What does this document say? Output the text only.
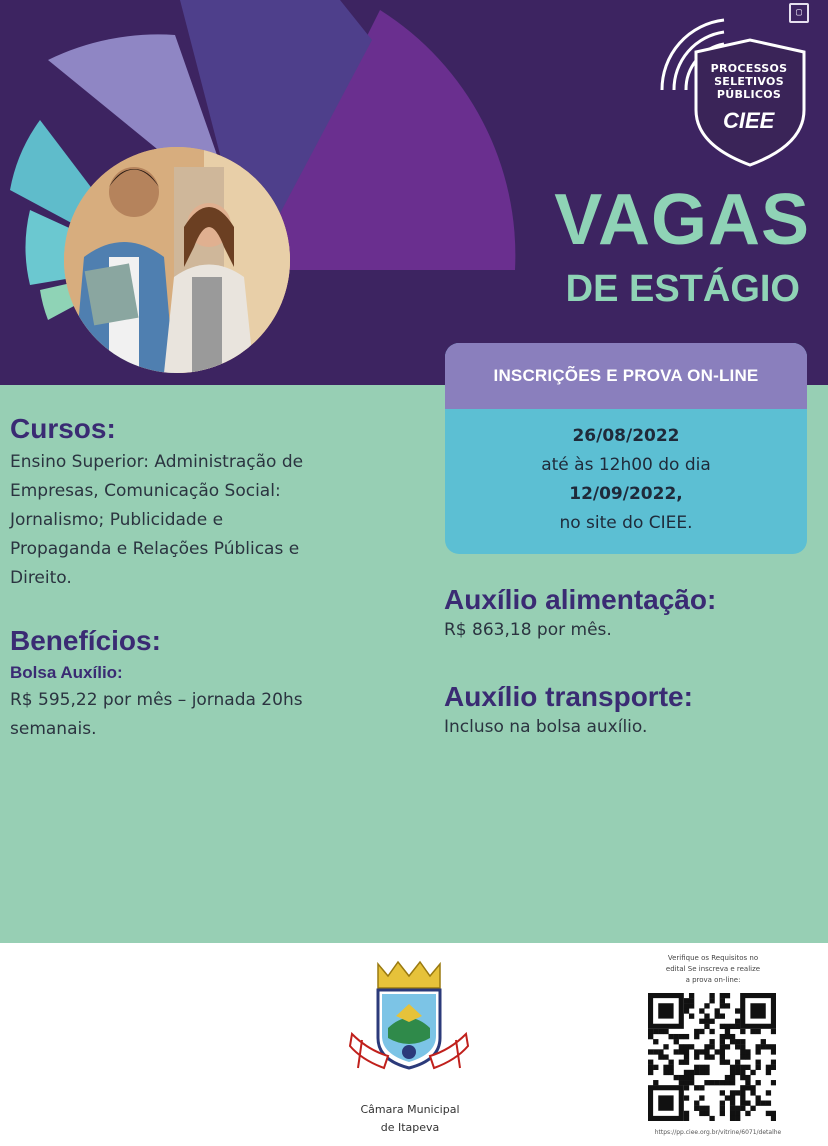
▢
PROCESSOS
SELETIVOS
PÚBLICOS
CIEE
VAGAS
DE ESTÁGIO
INSCRIÇÕES E PROVA ON-LINE
26/08/2022
até às 12h00 do dia
12/09/2022,
no site do CIEE.
Cursos:
Ensino Superior: Administração de
Empresas, Comunicação Social:
Jornalismo; Publicidade e
Propaganda e Relações Públicas e
Direito.
Benefícios:
Bolsa Auxílio:
R$ 595,22 por mês – jornada 20hs
semanais.
Auxílio alimentação:
R$ 863,18 por mês.
Auxílio transporte:
Incluso na bolsa auxílio.
Câmara Municipal
de Itapeva
Verifique os Requisitos no
edital Se inscreva e realize
a prova on-line:
https://pp.ciee.org.br/vitrine/6071/detalhe
